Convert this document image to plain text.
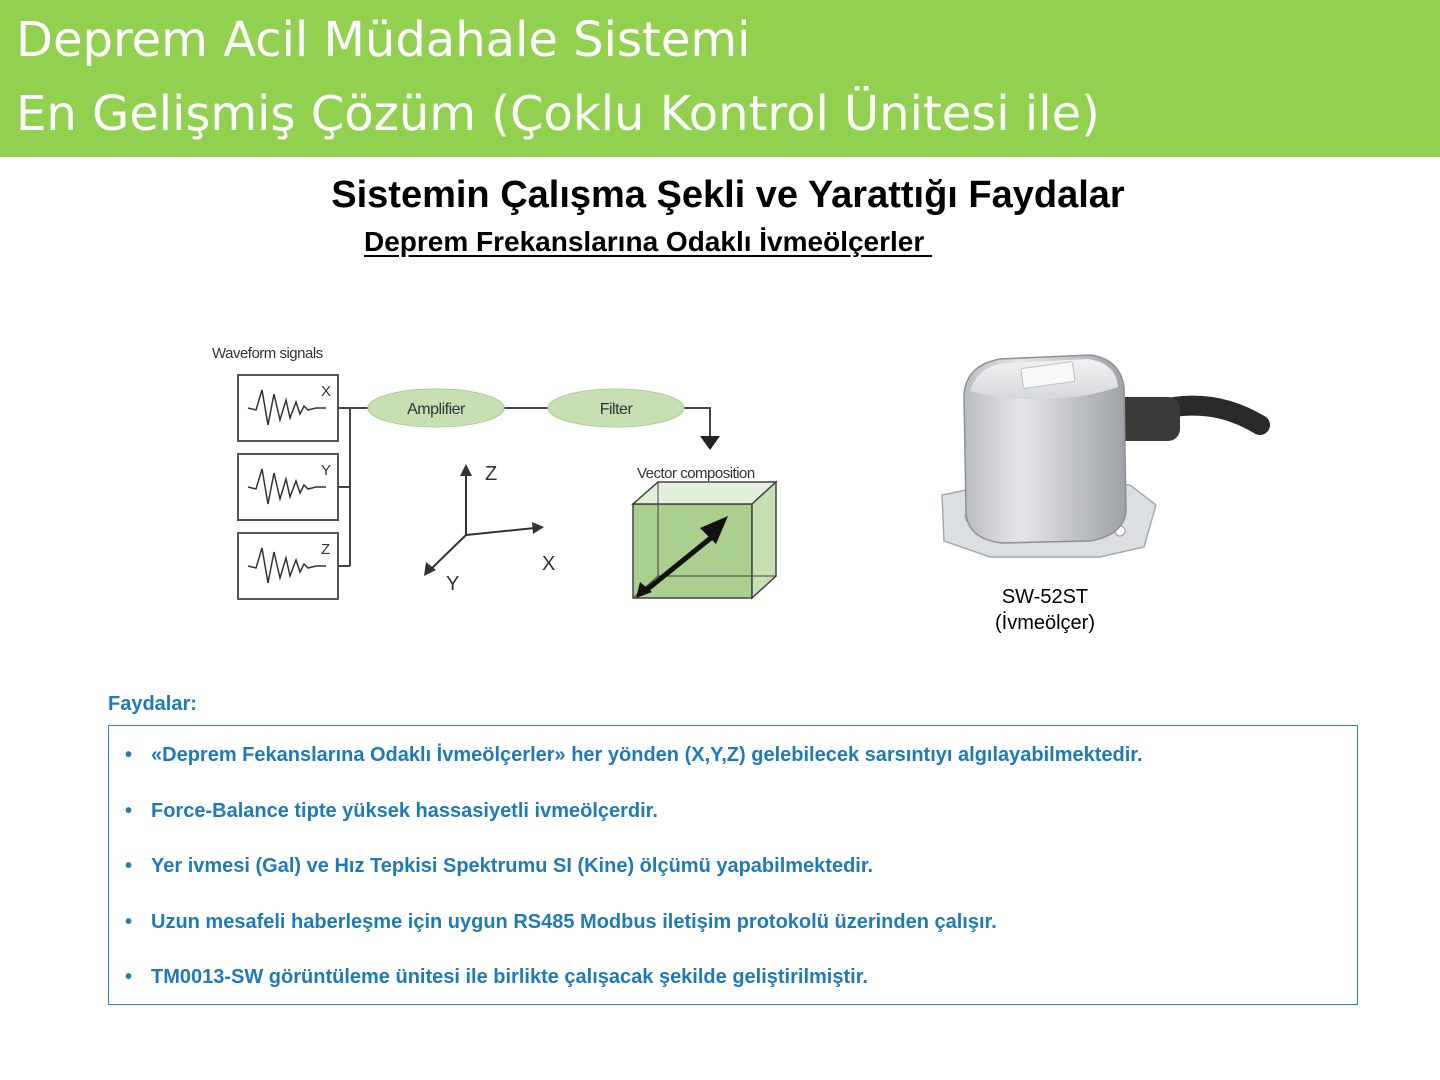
Deprem Acil Müdahale Sistemi
En Gelişmiş Çözüm (Çoklu Kontrol Ünitesi ile)
Sistemin Çalışma Şekli ve Yarattığı Faydalar
Deprem Frekanslarına Odaklı İvmeölçerler
Waveform signals
X
Y
Z
Amplifier	Filter
Z
X
Y
Vector composition
SW-52ST
(İvmeölçer)
Faydalar:
• «Deprem Fekanslarına Odaklı İvmeölçerler» her yönden (X,Y,Z) gelebilecek sarsıntıyı algılayabilmektedir.
• Force-Balance tipte yüksek hassasiyetli ivmeölçerdir.
• Yer ivmesi (Gal) ve Hız Tepkisi Spektrumu SI (Kine) ölçümü yapabilmektedir.
• Uzun mesafeli haberleşme için uygun RS485 Modbus iletişim protokolü üzerinden çalışır.
• TM0013-SW görüntüleme ünitesi ile birlikte çalışacak şekilde geliştirilmiştir.
